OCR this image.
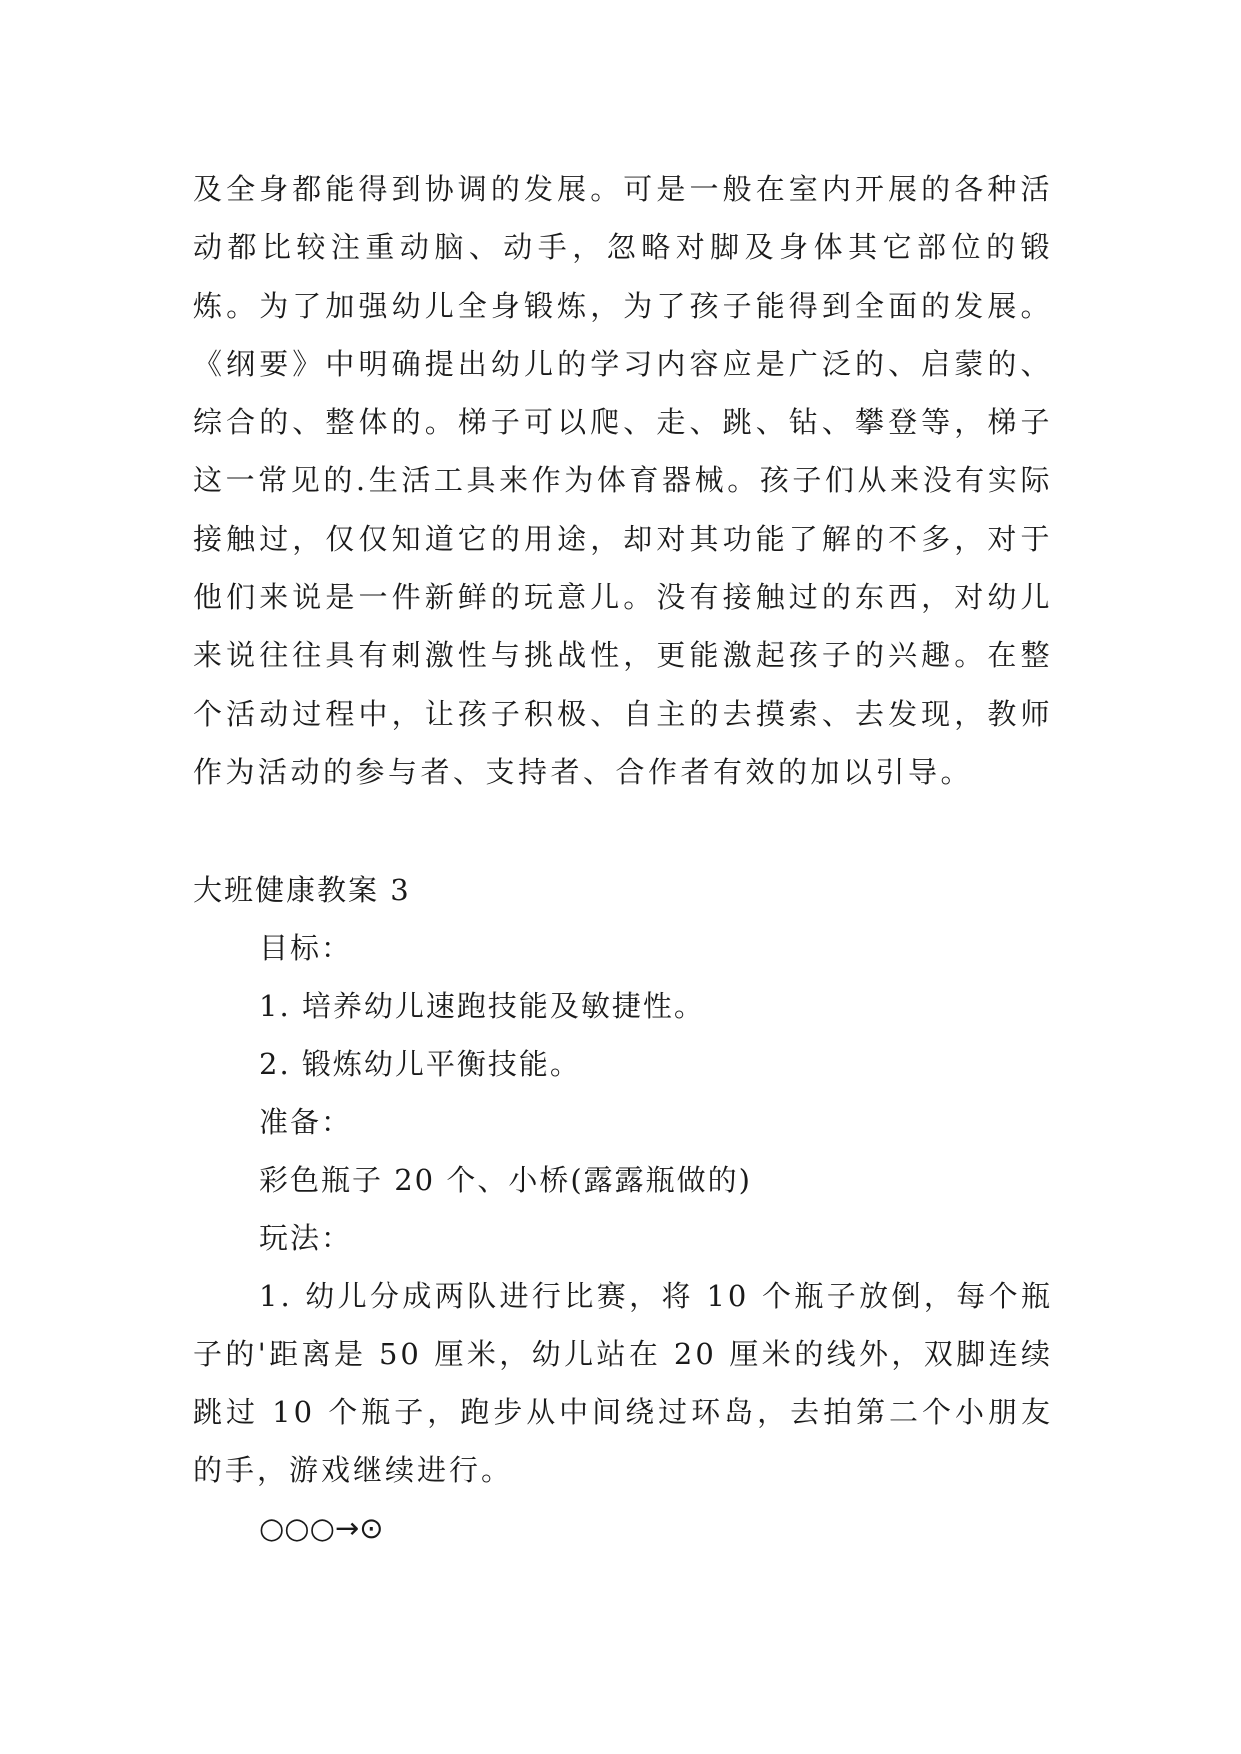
及全身都能得到协调的发展。可是一般在室内开展的各种活动都比较注重动脑、动手，忽略对脚及身体其它部位的锻炼。为了加强幼儿全身锻炼，为了孩子能得到全面的发展。《纲要》中明确提出幼儿的学习内容应是广泛的、启蒙的、综合的、整体的。梯子可以爬、走、跳、钻、攀登等，梯子这一常见的.生活工具来作为体育器械。孩子们从来没有实际接触过，仅仅知道它的用途，却对其功能了解的不多，对于他们来说是一件新鲜的玩意儿。没有接触过的东西，对幼儿来说往往具有刺激性与挑战性，更能激起孩子的兴趣。在整个活动过程中，让孩子积极、自主的去摸索、去发现，教师作为活动的参与者、支持者、合作者有效的加以引导。

大班健康教案 3

目标：

1. 培养幼儿速跑技能及敏捷性。

2. 锻炼幼儿平衡技能。

准备：

彩色瓶子 20 个、小桥(露露瓶做的)

玩法：

1. 幼儿分成两队进行比赛，将 10 个瓶子放倒，每个瓶子的'距离是 50 厘米，幼儿站在 20 厘米的线外，双脚连续跳过 10 个瓶子，跑步从中间绕过环岛，去拍第二个小朋友的手，游戏继续进行。

○○○→⊙
